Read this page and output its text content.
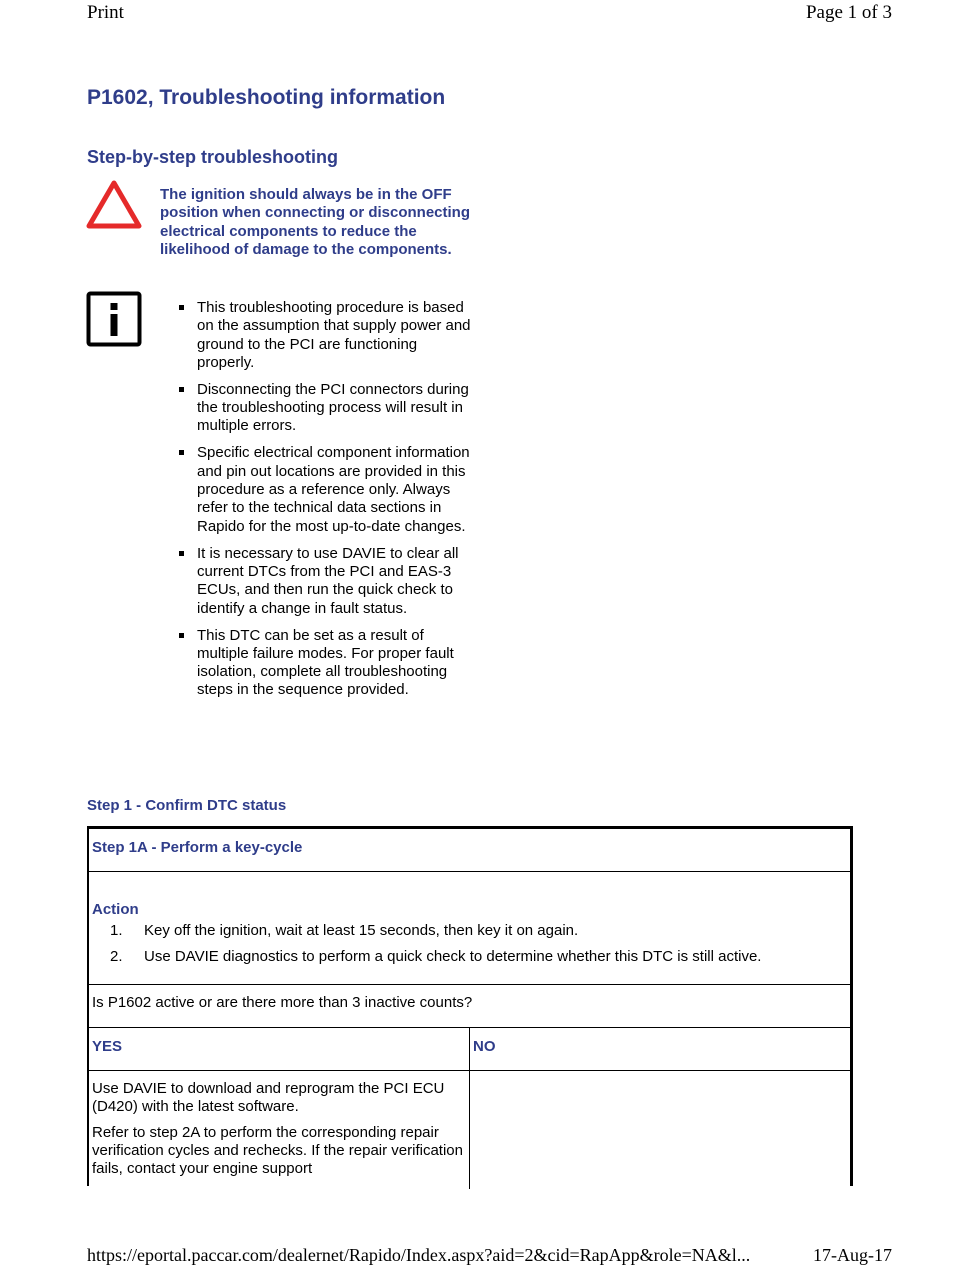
Print	Page 1 of 3
P1602, Troubleshooting information
Step-by-step troubleshooting
The ignition should always be in the OFF position when connecting or disconnecting electrical components to reduce the likelihood of damage to the components.
This troubleshooting procedure is based on the assumption that supply power and ground to the PCI are functioning properly.
Disconnecting the PCI connectors during the troubleshooting process will result in multiple errors.
Specific electrical component information and pin out locations are provided in this procedure as a reference only. Always refer to the technical data sections in Rapido for the most up-to-date changes.
It is necessary to use DAVIE to clear all current DTCs from the PCI and EAS-3 ECUs, and then run the quick check to identify a change in fault status.
This DTC can be set as a result of multiple failure modes. For proper fault isolation, complete all troubleshooting steps in the sequence provided.
Step 1 - Confirm DTC status
Step 1A - Perform a key-cycle
Action
1. Key off the ignition, wait at least 15 seconds, then key it on again.
2. Use DAVIE diagnostics to perform a quick check to determine whether this DTC is still active.
Is P1602 active or are there more than 3 inactive counts?
YES	NO
Use DAVIE to download and reprogram the PCI ECU (D420) with the latest software.
Refer to step 2A to perform the corresponding repair verification cycles and rechecks. If the repair verification fails, contact your engine support
https://eportal.paccar.com/dealernet/Rapido/Index.aspx?aid=2&cid=RapApp&role=NA&l...	17-Aug-17
